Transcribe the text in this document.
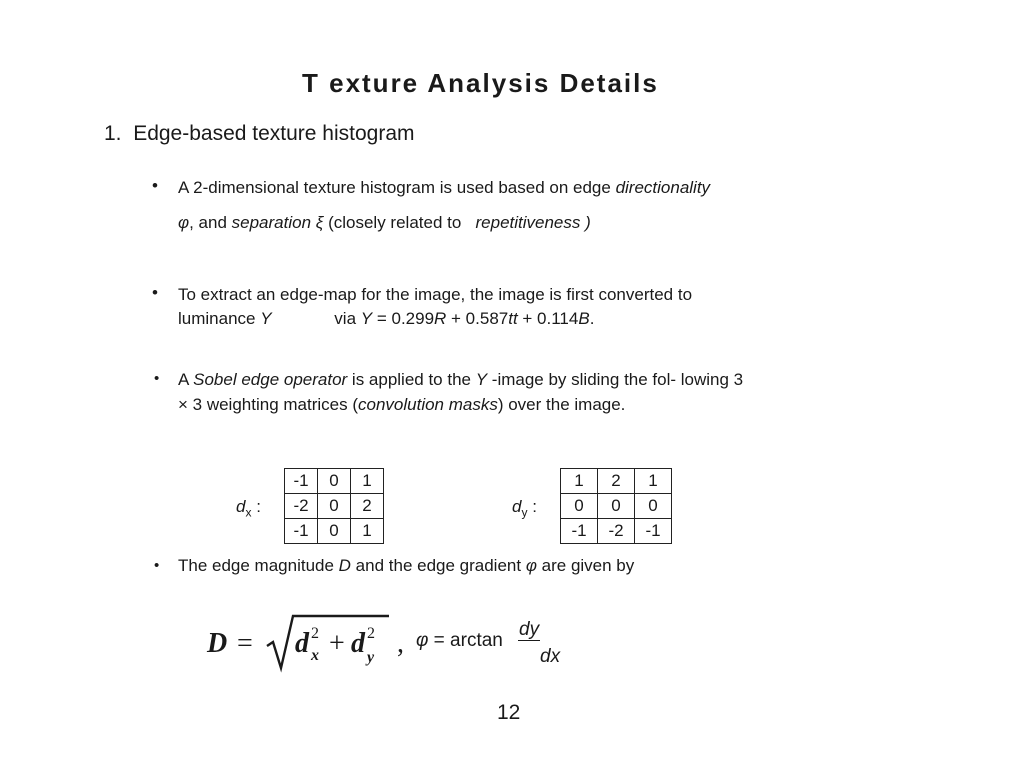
T exture Analysis Details
1. Edge-based texture histogram
• A 2-dimensional texture histogram is used based on edge directionality
φ, and separation ξ (closely related to   repetitiveness )
• To extract an edge-map for the image, the image is first converted to
luminance Y	via Y = 0.299R + 0.587tt + 0.114B.
• A Sobel edge operator is applied to the Y -image by sliding the fol- lowing 3
× 3 weighting matrices (convolution masks) over the image.
$d_x$ :
-1	0	1
-2	0	2
-1	0	1
$d_y$ :
1	2	1
0	0	0
-1	-2	-1
• The edge magnitude D and the edge gradient φ are given by
D = d 2
x + d 2
y , φ = arctan
dy
dx
12
